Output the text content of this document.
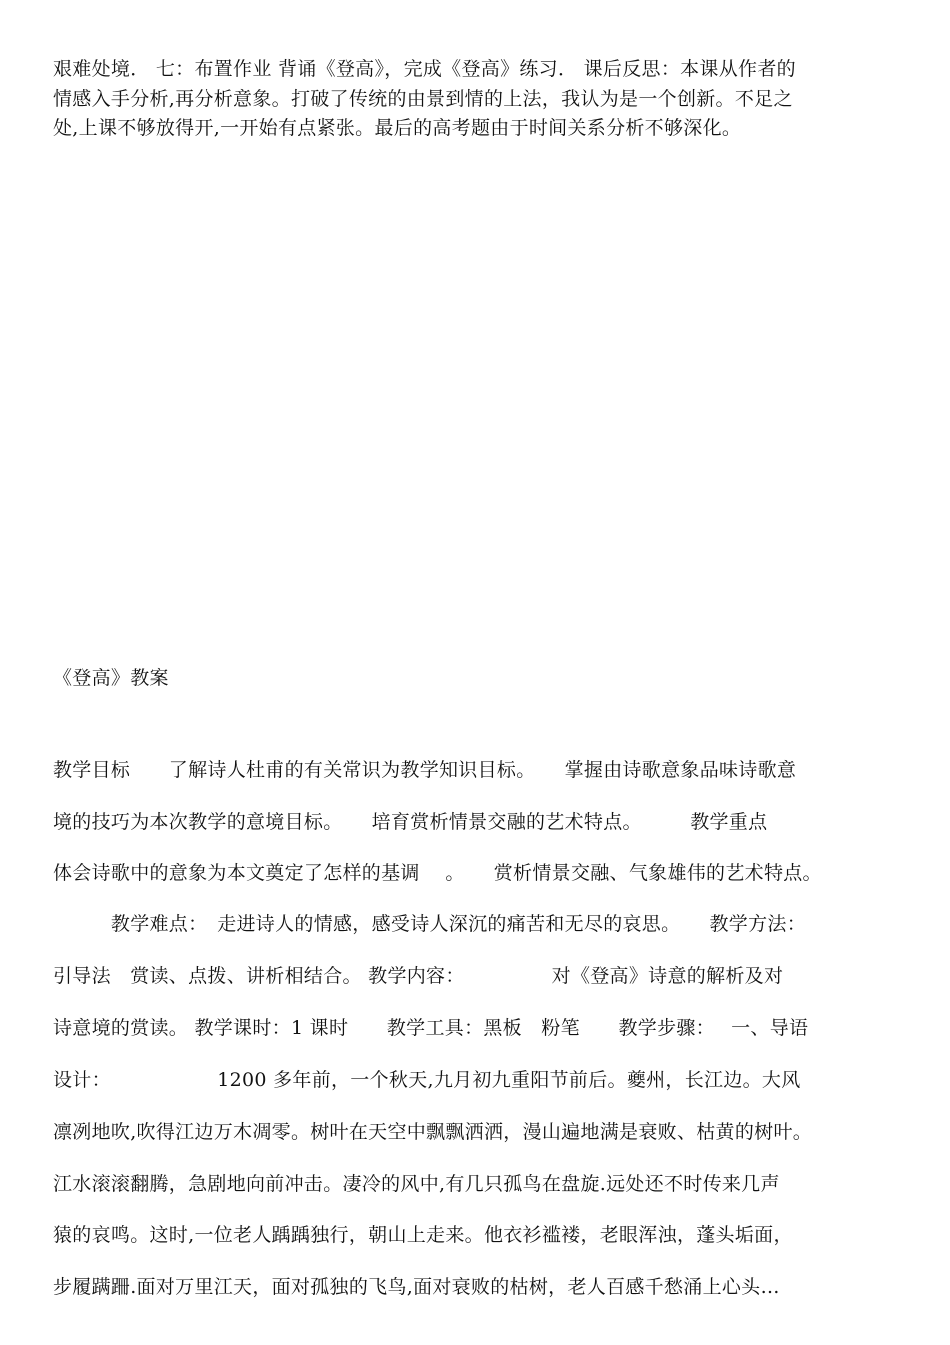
艰难处境． 七：布置作业 背诵《登高》，完成《登高》练习． 课后反思：本课从作者的
情感入手分析,再分析意象。打破了传统的由景到情的上法，我认为是一个创新。不足之
处,上课不够放得开,一开始有点紧张。最后的高考题由于时间关系分析不够深化。
《登高》教案
教学目标　　了解诗人杜甫的有关常识为教学知识目标。　　掌握由诗歌意象品味诗歌意
境的技巧为本次教学的意境目标。　　培育赏析情景交融的艺术特点。　　　教学重点
体会诗歌中的意象为本文奠定了怎样的基调　 。　　赏析情景交融、气象雄伟的艺术特点。
　　　教学难点：　走进诗人的情感，感受诗人深沉的痛苦和无尽的哀思。　　教学方法：
引导法　赏读、点拨、讲析相结合。 教学内容：　　　　　对《登高》诗意的解析及对
诗意境的赏读。 教学课时：1 课时　　教学工具：黑板　粉笔　　教学步骤：　 一、导语
设计：　　　　　　1200 多年前，一个秋天,九月初九重阳节前后。夔州，长江边。大风
凛冽地吹,吹得江边万木凋零。树叶在天空中飘飘洒洒，漫山遍地满是衰败、枯黄的树叶。
江水滚滚翻腾，急剧地向前冲击。凄冷的风中,有几只孤鸟在盘旋.远处还不时传来几声
猿的哀鸣。这时,一位老人踽踽独行，朝山上走来。他衣衫褴褛，老眼浑浊，蓬头垢面，
步履蹒跚.面对万里江天，面对孤独的飞鸟,面对衰败的枯树，老人百感千愁涌上心头…
